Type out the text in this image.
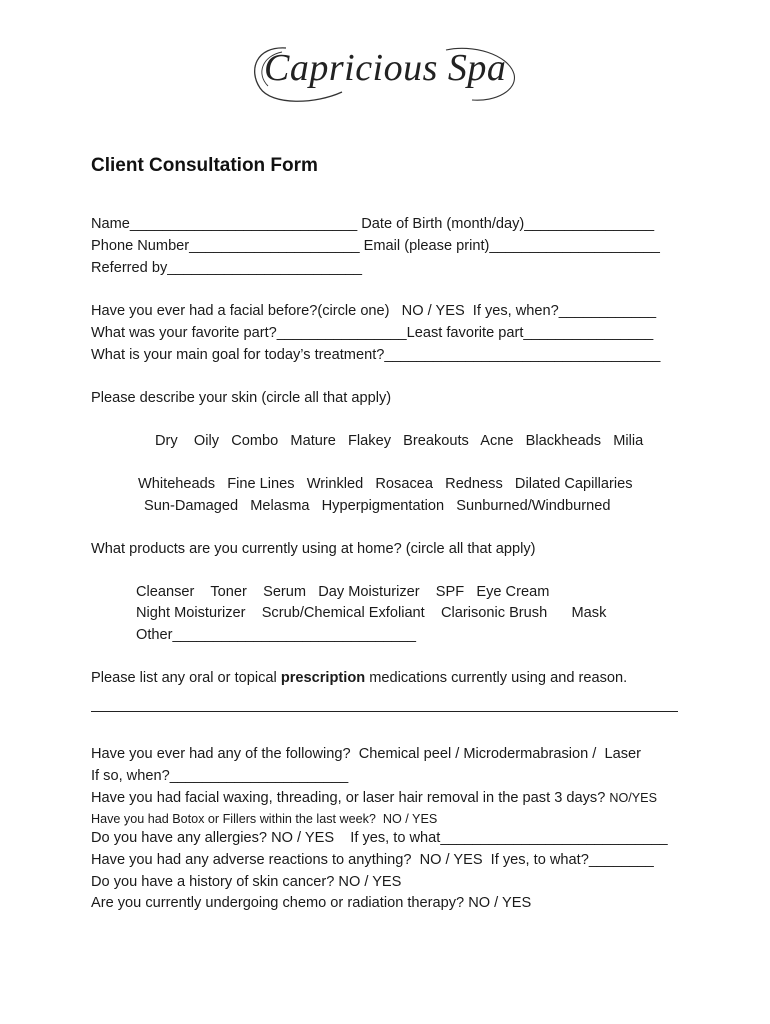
Capricious Spa
Client Consultation Form
Name____________________________ Date of Birth (month/day)________________
Phone Number_____________________ Email (please print)_____________________
Referred by________________________
Have you ever had a facial before?(circle one)   NO / YES  If yes, when?____________
What was your favorite part?________________Least favorite part________________
What is your main goal for today’s treatment?__________________________________
Please describe your skin (circle all that apply)
Dry    Oily   Combo   Mature   Flakey   Breakouts   Acne   Blackheads   Milia
Whiteheads   Fine Lines   Wrinkled   Rosacea   Redness   Dilated Capillaries
Sun-Damaged   Melasma   Hyperpigmentation   Sunburned/Windburned
What products are you currently using at home? (circle all that apply)
Cleanser    Toner    Serum   Day Moisturizer    SPF   Eye Cream
Night Moisturizer    Scrub/Chemical Exfoliant    Clarisonic Brush      Mask
Other______________________________
Please list any oral or topical prescription medications currently using and reason.
Have you ever had any of the following?  Chemical peel / Microdermabrasion /  Laser
If so, when?______________________
Have you had facial waxing, threading, or laser hair removal in the past 3 days? NO/YES
Have you had Botox or Fillers within the last week?  NO / YES
Do you have any allergies? NO / YES    If yes, to what____________________________
Have you had any adverse reactions to anything?  NO / YES  If yes, to what?________
Do you have a history of skin cancer? NO / YES
Are you currently undergoing chemo or radiation therapy? NO / YES
